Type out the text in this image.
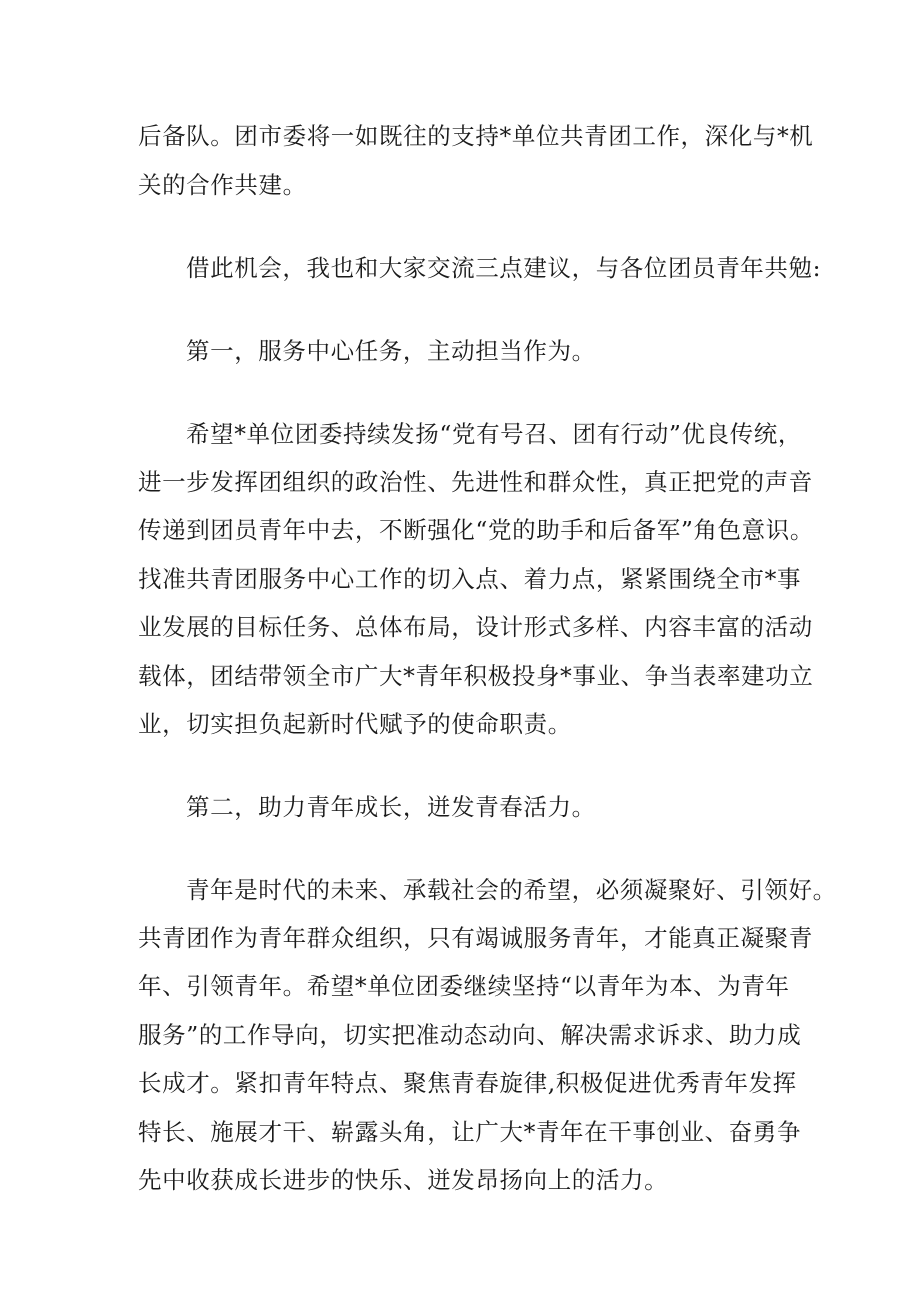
后备队。团市委将一如既往的支持*单位共青团工作，深化与*机
关的合作共建。
借此机会，我也和大家交流三点建议，与各位团员青年共勉:
第一，服务中心任务，主动担当作为。
希望*单位团委持续发扬“党有号召、团有行动”优良传统，
进一步发挥团组织的政治性、先进性和群众性，真正把党的声音
传递到团员青年中去，不断强化“党的助手和后备军”角色意识。
找准共青团服务中心工作的切入点、着力点，紧紧围绕全市*事
业发展的目标任务、总体布局，设计形式多样、内容丰富的活动
载体，团结带领全市广大*青年积极投身*事业、争当表率建功立
业，切实担负起新时代赋予的使命职责。
第二，助力青年成长，迸发青春活力。
青年是时代的未来、承载社会的希望，必须凝聚好、引领好。
共青团作为青年群众组织，只有竭诚服务青年，才能真正凝聚青
年、引领青年。希望*单位团委继续坚持“以青年为本、为青年
服务”的工作导向，切实把准动态动向、解决需求诉求、助力成
长成才。紧扣青年特点、聚焦青春旋律,积极促进优秀青年发挥
特长、施展才干、崭露头角，让广大*青年在干事创业、奋勇争
先中收获成长进步的快乐、迸发昂扬向上的活力。
